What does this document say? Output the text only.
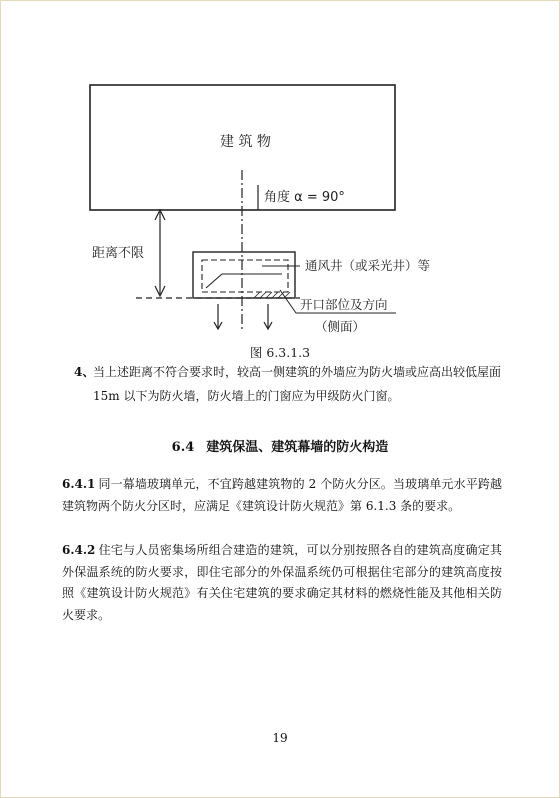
建 筑 物
角度 α = 90°
距离不限
通风井（或采光井）等
开口部位及方向
（侧面）
图 6.3.1.3
4、
当上述距离不符合要求时，较高一侧建筑的外墙应为防火墙或应高出较低屋面 15m 以下为防火墙，防火墙上的门窗应为甲级防火门窗。
6.4 建筑保温、建筑幕墙的防火构造
6.4.1 同一幕墙玻璃单元，不宜跨越建筑物的 2 个防火分区。当玻璃单元水平跨越建筑物两个防火分区时，应满足《建筑设计防火规范》第 6.1.3 条的要求。
6.4.2 住宅与人员密集场所组合建造的建筑，可以分别按照各自的建筑高度确定其外保温系统的防火要求，即住宅部分的外保温系统仍可根据住宅部分的建筑高度按照《建筑设计防火规范》有关住宅建筑的要求确定其材料的燃烧性能及其他相关防火要求。
19
